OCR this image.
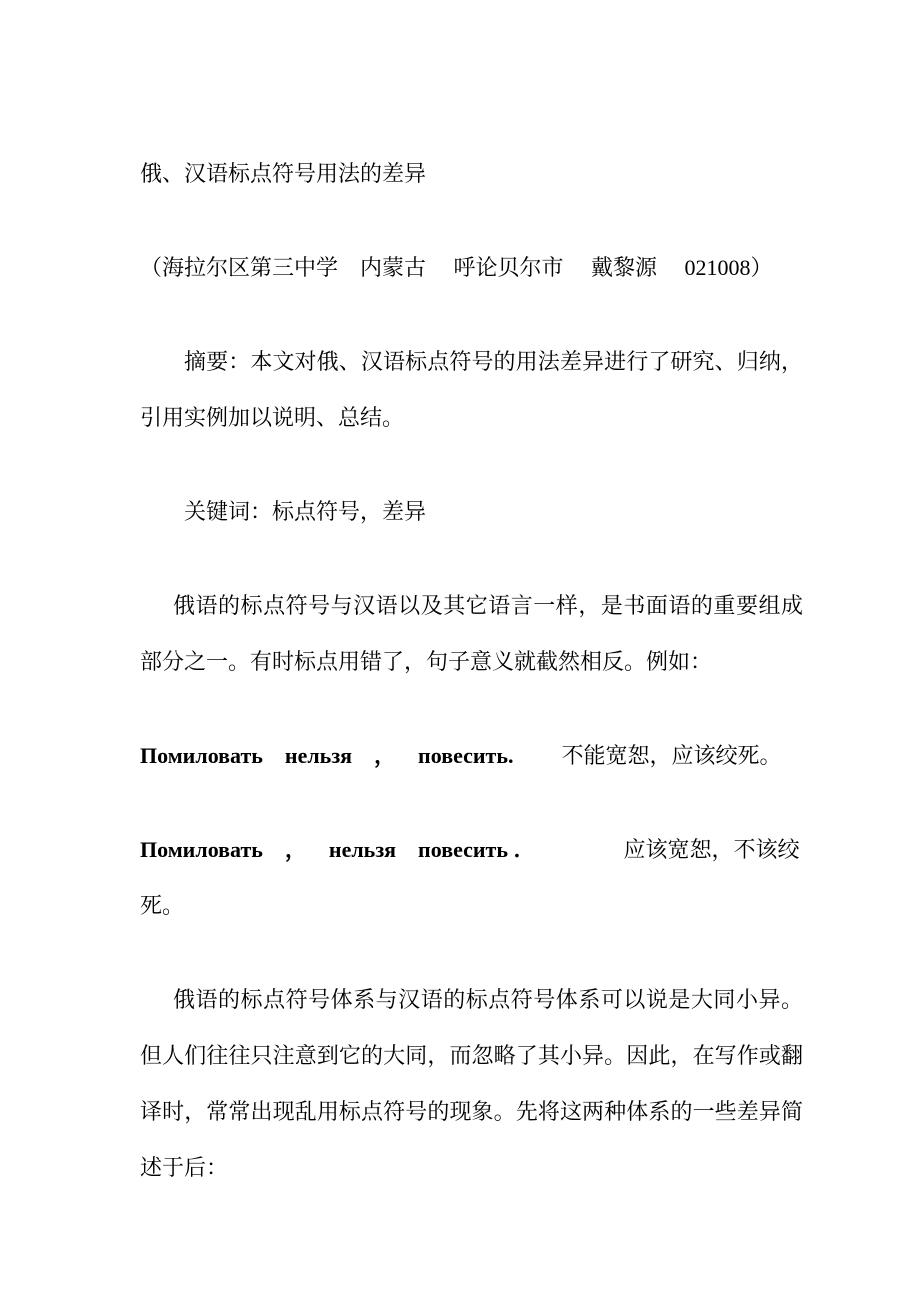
俄、汉语标点符号用法的差异

（海拉尔区第三中学　内蒙古　 呼论贝尔市　 戴黎源　 021008）

摘要：本文对俄、汉语标点符号的用法差异进行了研究、归纳，引用实例加以说明、总结。

关键词：标点符号，差异

俄语的标点符号与汉语以及其它语言一样，是书面语的重要组成部分之一。有时标点用错了，句子意义就截然相反。例如：

Помиловать    нельзя    ，    повесить. 不能宽恕，应该绞死。

Помиловать    ，    нельзя    повесить ．	应该宽恕，不该绞死。

俄语的标点符号体系与汉语的标点符号体系可以说是大同小异。但人们往往只注意到它的大同，而忽略了其小异。因此，在写作或翻译时，常常出现乱用标点符号的现象。先将这两种体系的一些差异简述于后：
